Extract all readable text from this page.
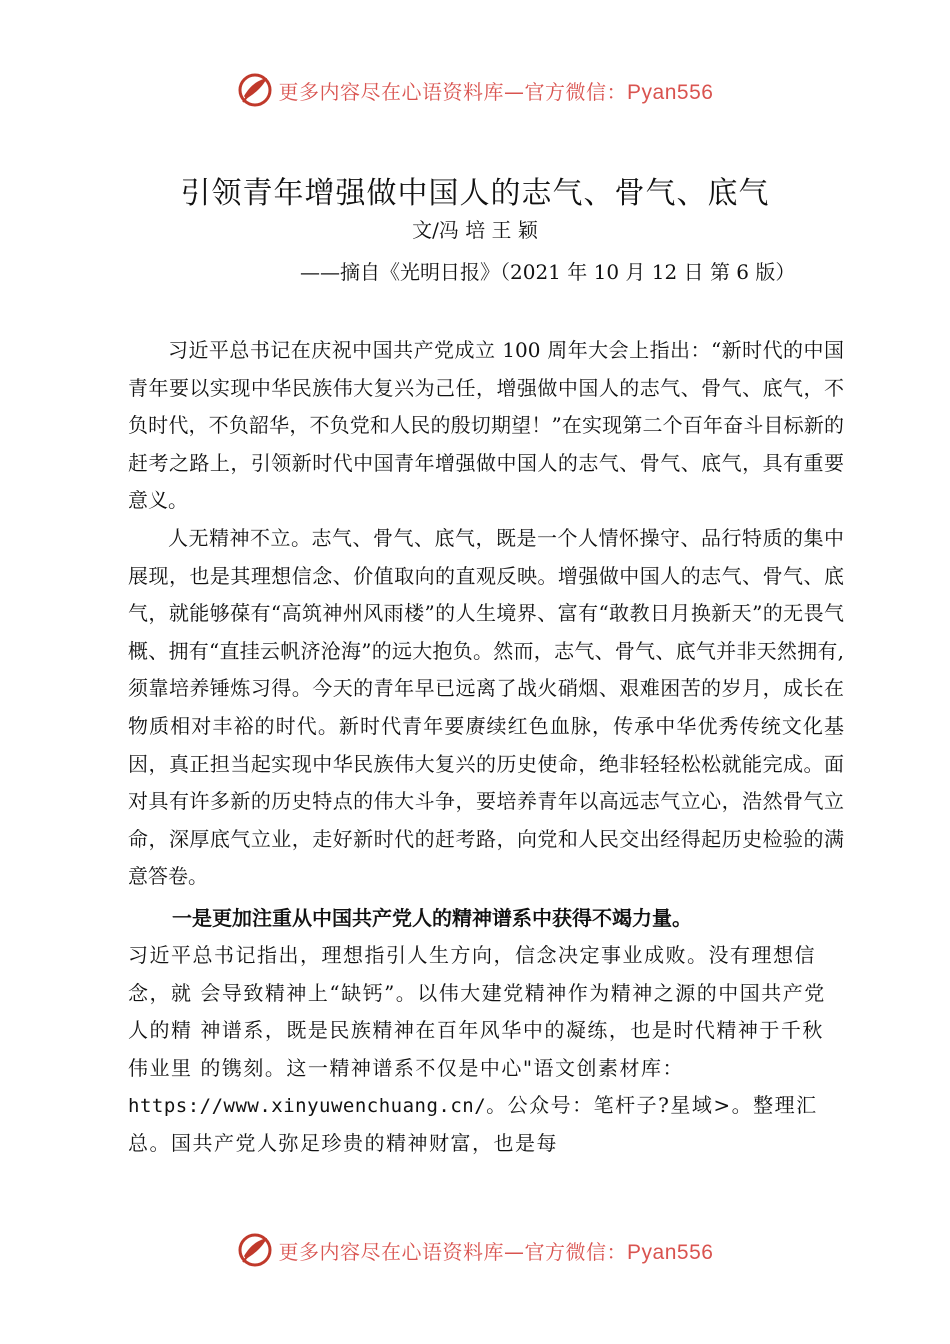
更多内容尽在心语资料库—官方微信：Pyan556
引领青年增强做中国人的志气、骨气、底气
文/冯 培 王 颖
——摘自《光明日报》（2021 年 10 月 12 日 第 6 版）

习近平总书记在庆祝中国共产党成立 100 周年大会上指出：“新时代的中国青年要以实现中华民族伟大复兴为己任，增强做中国人的志气、骨气、底气，不负时代，不负韶华，不负党和人民的殷切期望！”在实现第二个百年奋斗目标新的赶考之路上，引领新时代中国青年增强做中国人的志气、骨气、底气，具有重要意义。

人无精神不立。志气、骨气、底气，既是一个人情怀操守、品行特质的集中展现，也是其理想信念、价值取向的直观反映。增强做中国人的志气、骨气、底气，就能够葆有“高筑神州风雨楼”的人生境界、富有“敢教日月换新天”的无畏气概、拥有“直挂云帆济沧海”的远大抱负。然而，志气、骨气、底气并非天然拥有,须靠培养锤炼习得。今天的青年早已远离了战火硝烟、艰难困苦的岁月，成长在物质相对丰裕的时代。新时代青年要赓续红色血脉，传承中华优秀传统文化基因，真正担当起实现中华民族伟大复兴的历史使命，绝非轻轻松松就能完成。面对具有许多新的历史特点的伟大斗争，要培养青年以高远志气立心，浩然骨气立命，深厚底气立业，走好新时代的赶考路，向党和人民交出经得起历史检验的满意答卷。

一是更加注重从中国共产党人的精神谱系中获得不竭力量。
习近平总书记指出，理想指引人生方向，信念决定事业成败。没有理想信念，就 会导致精神上“缺钙”。以伟大建党精神作为精神之源的中国共产党人的精 神谱系，既是民族精神在百年风华中的凝练，也是时代精神于千秋伟业里 的镌刻。这一精神谱系不仅是中心"语文创素材库：https://www.xinyuwenchuang.cn/。公众号：笔杆子?星域>。整理汇总。国共产党人弥足珍贵的精神财富，也是每
更多内容尽在心语资料库—官方微信：Pyan556
